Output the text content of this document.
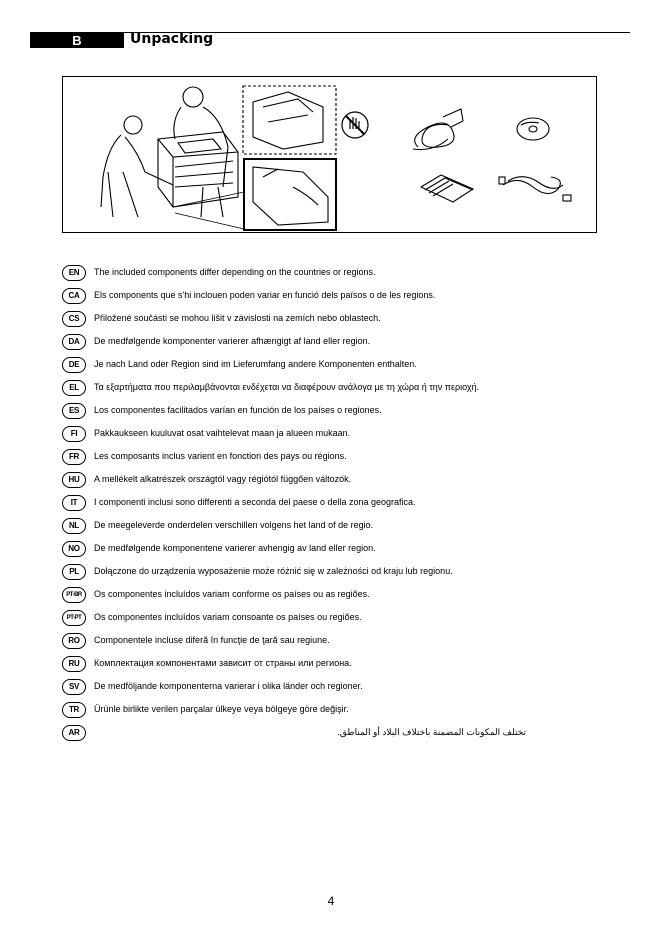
B	Unpacking
EN	The included components differ depending on the countries or regions.
CA	Els components que s'hi inclouen poden variar en funció dels països o de les regions.
CS	Přiložené součásti se mohou lišit v závislosti na zemích nebo oblastech.
DA	De medfølgende komponenter varierer afhængigt af land eller region.
DE	Je nach Land oder Region sind im Lieferumfang andere Komponenten enthalten.
EL	Τα εξαρτήματα που περιλαμβάνονται ενδέχεται να διαφέρουν ανάλογα με τη χώρα ή την περιοχή.
ES	Los componentes facilitados varían en función de los países o regiones.
FI	Pakkaukseen kuuluvat osat vaihtelevat maan ja alueen mukaan.
FR	Les composants inclus varient en fonction des pays ou régions.
HU	A mellékelt alkatrészek országtól vagy régiótól függően változók.
IT	I componenti inclusi sono differenti a seconda del paese o della zona geografica.
NL	De meegeleverde onderdelen verschillen volgens het land of de regio.
NO	De medfølgende komponentene varierer avhengig av land eller region.
PL	Dołączone do urządzenia wyposażenie może różnić się w zależności od kraju lub regionu.
PT-BR	Os componentes incluídos variam conforme os países ou as regiões.
PT-PT	Os componentes incluídos variam consoante os países ou regiões.
RO	Componentele incluse diferă în funcţie de ţară sau regiune.
RU	Комплектация компонентами зависит от страны или региона.
SV	De medföljande komponenterna varierar i olika länder och regioner.
TR	Ürünle birlikte verilen parçalar ülkeye veya bölgeye göre değişir.
AR	تختلف المكونات المضمنة باختلاف البلاد أو المناطق.
4
